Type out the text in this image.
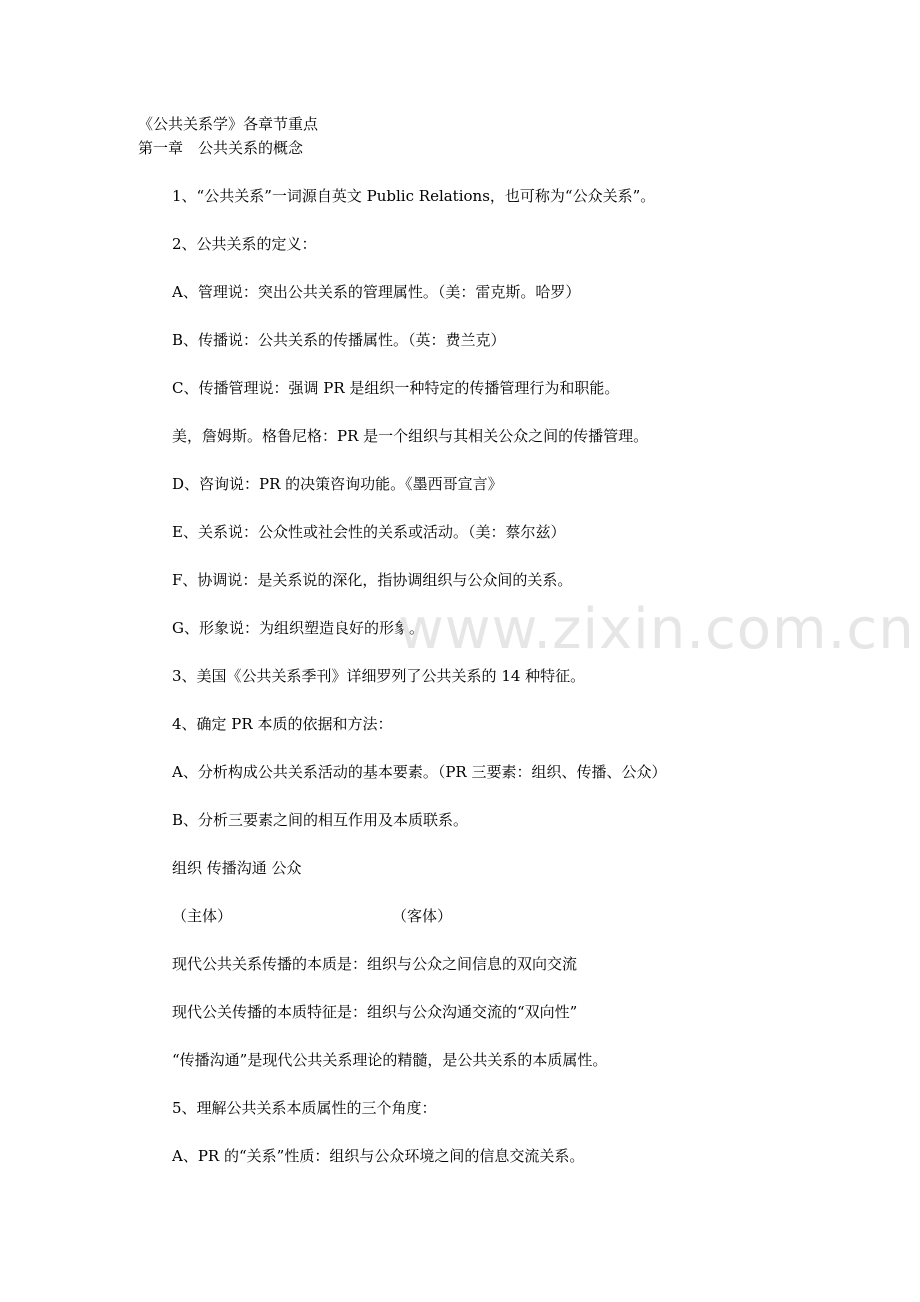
《公共关系学》各章节重点
第一章　公共关系的概念
1、“公共关系”一词源自英文 Public Relations，也可称为“公众关系”。
2、公共关系的定义：
A、管理说：突出公共关系的管理属性。（美：雷克斯。哈罗）
B、传播说：公共关系的传播属性。（英：费兰克）
C、传播管理说：强调 PR 是组织一种特定的传播管理行为和职能。
美，詹姆斯。格鲁尼格：PR 是一个组织与其相关公众之间的传播管理。
D、咨询说：PR 的决策咨询功能。《墨西哥宣言》
E、关系说：公众性或社会性的关系或活动。（美：蔡尔兹）
F、协调说：是关系说的深化，指协调组织与公众间的关系。
G、形象说：为组织塑造良好的形象。
3、美国《公共关系季刊》详细罗列了公共关系的 14 种特征。
4、确定 PR 本质的依据和方法：
A、分析构成公共关系活动的基本要素。（PR 三要素：组织、传播、公众）
B、分析三要素之间的相互作用及本质联系。
组织 传播沟通 公众
（主体）	（客体）
现代公共关系传播的本质是：组织与公众之间信息的双向交流
现代公关传播的本质特征是：组织与公众沟通交流的“双向性”
“传播沟通”是现代公共关系理论的精髓，是公共关系的本质属性。
5、理解公共关系本质属性的三个角度：
A、PR 的“关系”性质：组织与公众环境之间的信息交流关系。
www.zixin.com.cn
